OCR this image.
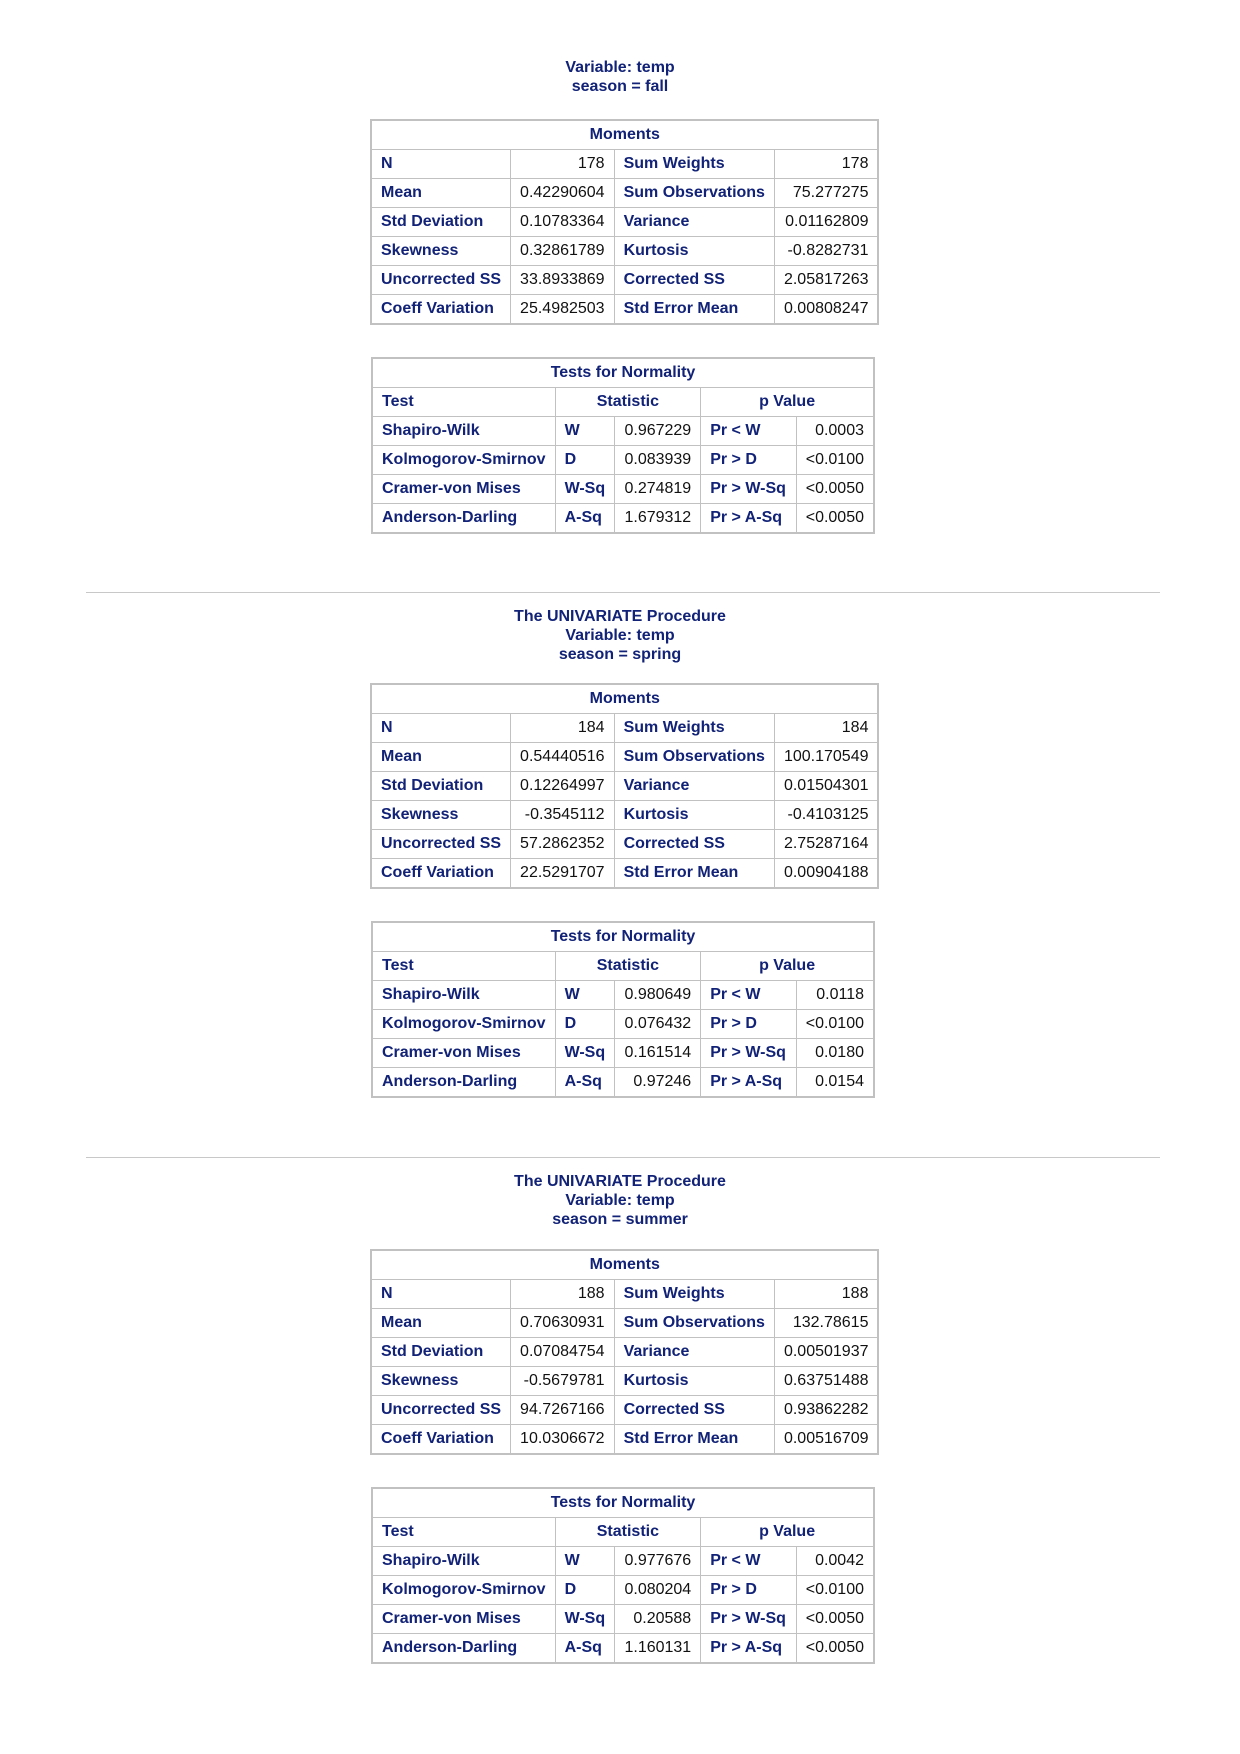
Variable: temp
season = fall
Moments			
N	178	Sum Weights	178
Mean	0.42290604	Sum Observations	75.277275
Std Deviation	0.10783364	Variance	0.01162809
Skewness	0.32861789	Kurtosis	-0.8282731
Uncorrected SS	33.8933869	Corrected SS	2.05817263
Coeff Variation	25.4982503	Std Error Mean	0.00808247
Tests for Normality				
Test	Statistic		p Value	
Shapiro-Wilk	W	0.967229	Pr < W	0.0003
Kolmogorov-Smirnov	D	0.083939	Pr > D	<0.0100
Cramer-von Mises	W-Sq	0.274819	Pr > W-Sq	<0.0050
Anderson-Darling	A-Sq	1.679312	Pr > A-Sq	<0.0050
The UNIVARIATE Procedure
Variable: temp
season = spring
Moments			
N	184	Sum Weights	184
Mean	0.54440516	Sum Observations	100.170549
Std Deviation	0.12264997	Variance	0.01504301
Skewness	-0.3545112	Kurtosis	-0.4103125
Uncorrected SS	57.2862352	Corrected SS	2.75287164
Coeff Variation	22.5291707	Std Error Mean	0.00904188
Tests for Normality				
Test	Statistic		p Value	
Shapiro-Wilk	W	0.980649	Pr < W	0.0118
Kolmogorov-Smirnov	D	0.076432	Pr > D	<0.0100
Cramer-von Mises	W-Sq	0.161514	Pr > W-Sq	0.0180
Anderson-Darling	A-Sq	0.97246	Pr > A-Sq	0.0154
The UNIVARIATE Procedure
Variable: temp
season = summer
Moments			
N	188	Sum Weights	188
Mean	0.70630931	Sum Observations	132.78615
Std Deviation	0.07084754	Variance	0.00501937
Skewness	-0.5679781	Kurtosis	0.63751488
Uncorrected SS	94.7267166	Corrected SS	0.93862282
Coeff Variation	10.0306672	Std Error Mean	0.00516709
Tests for Normality				
Test	Statistic		p Value	
Shapiro-Wilk	W	0.977676	Pr < W	0.0042
Kolmogorov-Smirnov	D	0.080204	Pr > D	<0.0100
Cramer-von Mises	W-Sq	0.20588	Pr > W-Sq	<0.0050
Anderson-Darling	A-Sq	1.160131	Pr > A-Sq	<0.0050
